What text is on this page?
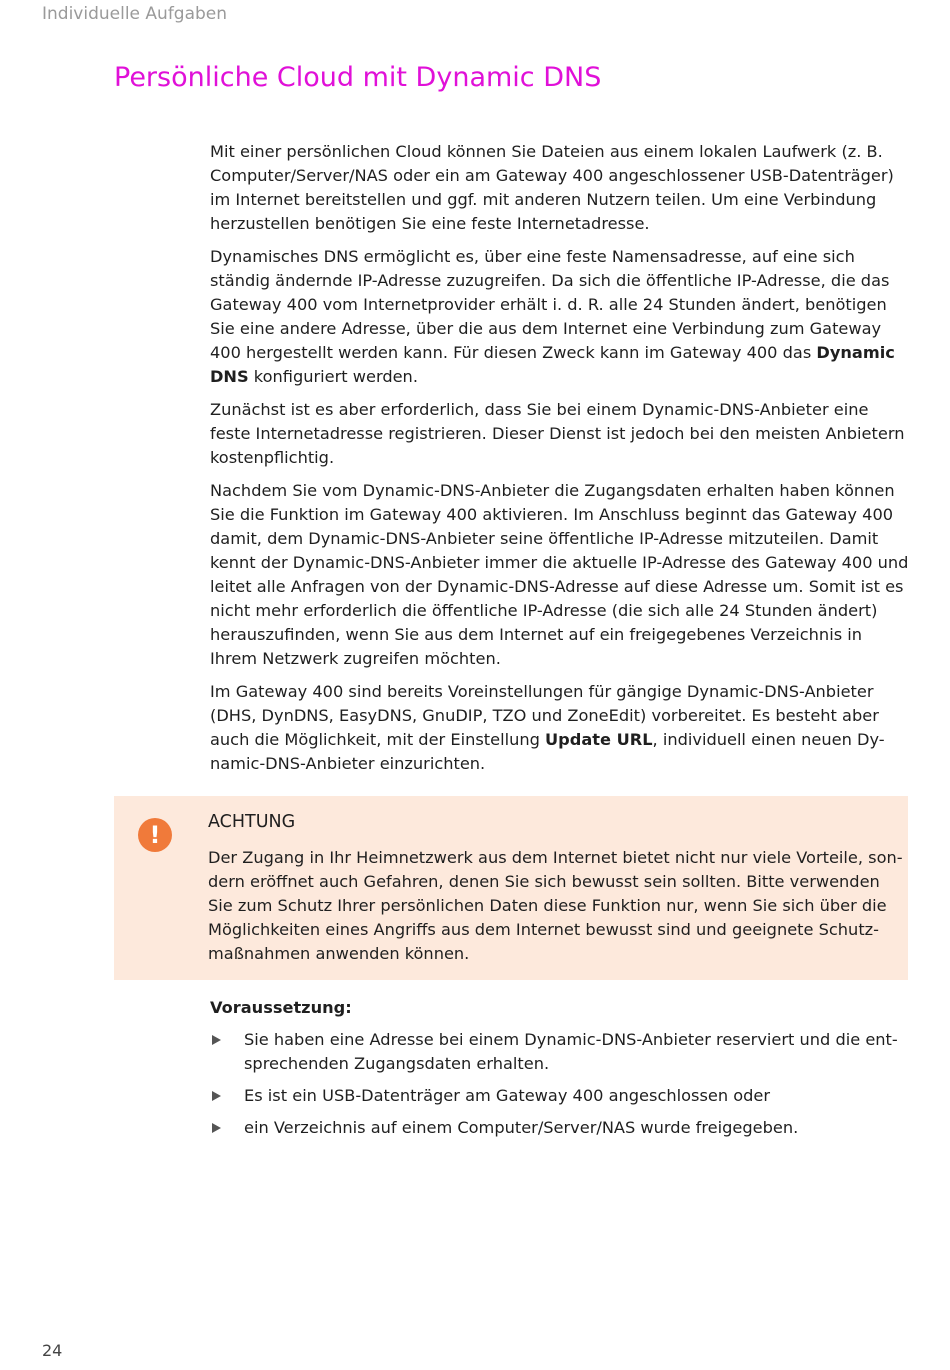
Individuelle Aufgaben
Persönliche Cloud mit Dynamic DNS

Mit einer persönlichen Cloud können Sie Dateien aus einem lokalen Laufwerk (z. B. Computer/Server/NAS oder ein am Gateway 400 angeschlossener USB-Datenträger) im Internet bereitstellen und ggf. mit anderen Nutzern teilen. Um eine Verbindung herzustellen benötigen Sie eine feste Internetadresse.

Dynamisches DNS ermöglicht es, über eine feste Namensadresse, auf eine sich ständig ändernde IP-Adresse zuzugreifen. Da sich die öffentliche IP-Adresse, die das Gateway 400 vom Internetprovider erhält i. d. R. alle 24 Stunden ändert, benötigen Sie eine andere Adresse, über die aus dem Internet eine Verbindung zum Gateway 400 hergestellt werden kann. Für diesen Zweck kann im Gateway 400 das Dynamic DNS konfiguriert werden.

Zunächst ist es aber erforderlich, dass Sie bei einem Dynamic-DNS-Anbieter eine feste Internetadresse registrieren. Dieser Dienst ist jedoch bei den meisten Anbietern kostenpflichtig.

Nachdem Sie vom Dynamic-DNS-Anbieter die Zugangsdaten erhalten haben können Sie die Funktion im Gateway 400 aktivieren. Im Anschluss beginnt das Gateway 400 damit, dem Dynamic-DNS-Anbieter seine öffentliche IP-Adresse mitzuteilen. Damit kennt der Dynamic-DNS-Anbieter immer die aktuelle IP-Adresse des Gateway 400 und leitet alle Anfragen von der Dynamic-DNS-Adresse auf diese Adresse um. Somit ist es nicht mehr erforderlich die öffentliche IP-Adresse (die sich alle 24 Stunden ändert) herauszufinden, wenn Sie aus dem Internet auf ein freigegebenes Verzeichnis in Ihrem Netzwerk zugreifen möchten.

Im Gateway 400 sind bereits Voreinstellungen für gängige Dynamic-DNS-Anbieter (DHS, DynDNS, EasyDNS, GnuDIP, TZO und ZoneEdit) vorbereitet. Es besteht aber auch die Möglichkeit, mit der Einstellung Update URL, individuell einen neuen Dy-namic-DNS-Anbieter einzurichten.

!	ACHTUNG

Der Zugang in Ihr Heimnetzwerk aus dem Internet bietet nicht nur viele Vorteile, son-dern eröffnet auch Gefahren, denen Sie sich bewusst sein sollten. Bitte verwenden Sie zum Schutz Ihrer persönlichen Daten diese Funktion nur, wenn Sie sich über die Möglichkeiten eines Angriffs aus dem Internet bewusst sind und geeignete Schutz-maßnahmen anwenden können.

Voraussetzung:
Sie haben eine Adresse bei einem Dynamic-DNS-Anbieter reserviert und die ent-sprechenden Zugangsdaten erhalten.
Es ist ein USB-Datenträger am Gateway 400 angeschlossen oder
ein Verzeichnis auf einem Computer/Server/NAS wurde freigegeben.
24
